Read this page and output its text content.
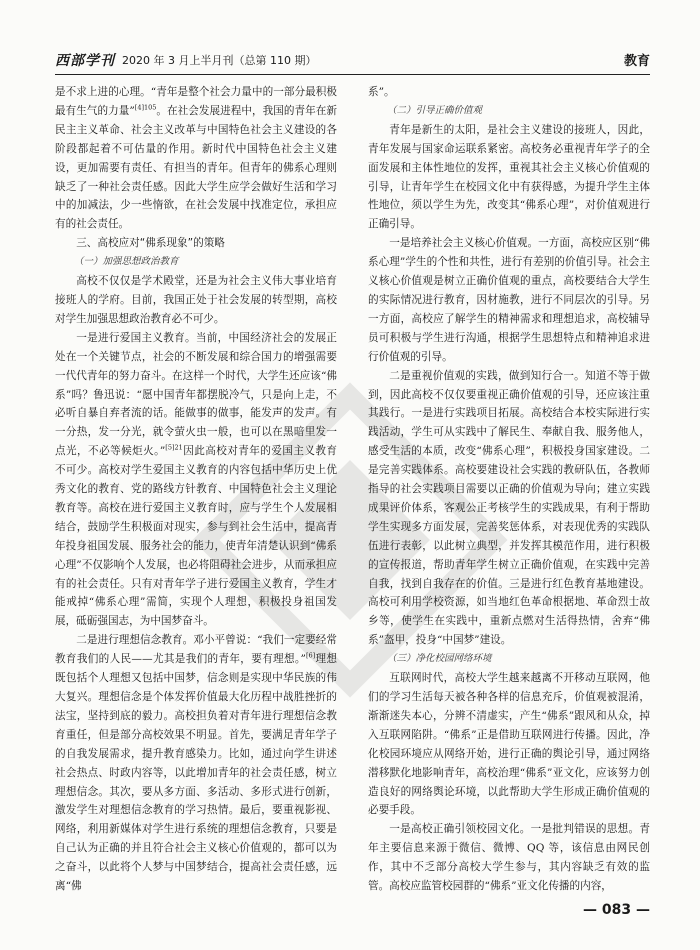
西部学刊 2020 年 3 月上半月刊（总第 110 期）	教育

是不求上进的心理。“青年是整个社会力量中的一部分最积极最有生气的力量”$^{[4]105}$。在社会发展进程中，我国的青年在新民主主义革命、社会主义改革与中国特色社会主义建设的各阶段都起着不可估量的作用。新时代中国特色社会主义建设，更加需要有责任、有担当的青年。但青年的佛系心理则缺乏了一种社会责任感。因此大学生应学会做好生活和学习中的加减法，少一些惰欲，在社会发展中找准定位，承担应有的社会责任。

三、高校应对“佛系现象”的策略
（一）加强思想政治教育

高校不仅仅是学术殿堂，还是为社会主义伟大事业培育接班人的学府。目前，我国正处于社会发展的转型期，高校对学生加强思想政治教育必不可少。

一是进行爱国主义教育。当前，中国经济社会的发展正处在一个关键节点，社会的不断发展和综合国力的增强需要一代代青年的努力奋斗。在这样一个时代，大学生还应该“佛系”吗？鲁迅说：“愿中国青年都摆脱冷气，只是向上走，不必听自暴自弃者流的话。能做事的做事，能发声的发声。有一分热，发一分光，就令萤火虫一般，也可以在黑暗里发一点光，不必等候炬火。”$^{[5]21}$因此高校对青年的爱国主义教育不可少。高校对学生爱国主义教育的内容包括中华历史上优秀文化的教育、党的路线方针教育、中国特色社会主义理论教育等。高校在进行爱国主义教育时，应与学生个人发展相结合，鼓励学生积极面对现实，参与到社会生活中，提高青年投身祖国发展、服务社会的能力，使青年清楚认识到“佛系心理”不仅影响个人发展，也必将阻碍社会进步，从而承担应有的社会责任。只有对青年学子进行爱国主义教育，学生才能戒掉“佛系心理”需简，实现个人理想，积极投身祖国发展，砥砺强国志，为中国梦奋斗。

二是进行理想信念教育。邓小平曾说：“我们一定要经常教育我们的人民——尤其是我们的青年，要有理想。”[6]理想既包括个人理想又包括中国梦，信念则是实现中华民族的伟大复兴。理想信念是个体发挥价值最大化历程中战胜挫折的法宝，坚持到底的毅力。高校担负着对青年进行理想信念教育重任，但是部分高校效果不明显。首先，要满足青年学子的自我发展需求，提升教育感染力。比如，通过向学生讲述社会热点、时政内容等，以此增加青年的社会责任感，树立理想信念。其次，要从多方面、多活动、多形式进行创新，激发学生对理想信念教育的学习热情。最后，要重视影视、网络，利用新媒体对学生进行系统的理想信念教育，只要是自己认为正确的并且符合社会主义核心价值观的，都可以为之奋斗，以此将个人梦与中国梦结合，提高社会责任感，远离“佛

系”。

（二）引导正确价值观

青年是新生的太阳，是社会主义建设的接班人，因此，青年发展与国家命运联系紧密。高校务必重视青年学子的全面发展和主体性地位的发挥，重视其社会主义核心价值观的引导，让青年学生在校园文化中有获得感，为提升学生主体性地位，须以学生为先，改变其“佛系心理”，对价值观进行正确引导。

一是培养社会主义核心价值观。一方面，高校应区别“佛系心理”学生的个性和共性，进行有差别的价值引导。社会主义核心价值观是树立正确价值观的重点，高校要结合大学生的实际情况进行教育，因材施教，进行不同层次的引导。另一方面，高校应了解学生的精神需求和理想追求，高校辅导员可积极与学生进行沟通，根据学生思想特点和精神追求进行价值观的引导。

二是重视价值观的实践，做到知行合一。知道不等于做到，因此高校不仅仅要重视正确价值观的引导，还应该注重其践行。一是进行实践项目拓展。高校结合本校实际进行实践活动，学生可从实践中了解民生、奉献自我、服务他人，感受生活的本质，改变“佛系心理”，积极投身国家建设。二是完善实践体系。高校要建设社会实践的教研队伍，各教师指导的社会实践项目需要以正确的价值观为导向；建立实践成果评价体系，客观公正考核学生的实践成果，有利于帮助学生实现多方面发展，完善奖惩体系，对表现优秀的实践队伍进行表彰，以此树立典型，并发挥其模范作用，进行积极的宣传报道，帮助青年学生树立正确价值观，在实践中完善自我，找到自我存在的价值。三是进行红色教育基地建设。高校可利用学校资源，如当地红色革命根据地、革命烈士故乡等，使学生在实践中，重新点燃对生活得热情，舍弃“佛系”盔甲，投身“中国梦”建设。

（三）净化校园网络环境

互联网时代，高校大学生越来越离不开移动互联网，他们的学习生活每天被各种各样的信息充斥，价值观被混淆，渐渐迷失本心，分辨不清虚实，产生“佛系”跟风和从众，掉入互联网陷阱。“佛系”正是借助互联网进行传播。因此，净化校园环境应从网络开始，进行正确的舆论引导，通过网络潜移默化地影响青年，高校治理“佛系”亚文化，应该努力创造良好的网络舆论环境，以此帮助大学生形成正确价值观的必要手段。

一是高校正确引领校园文化。一是批判错误的思想。青年主要信息来源于微信、微博、QQ 等，该信息由网民创作，其中不乏部分高校大学生参与，其内容缺乏有效的监管。高校应监管校园群的“佛系”亚文化传播的内容，

— 083 —
